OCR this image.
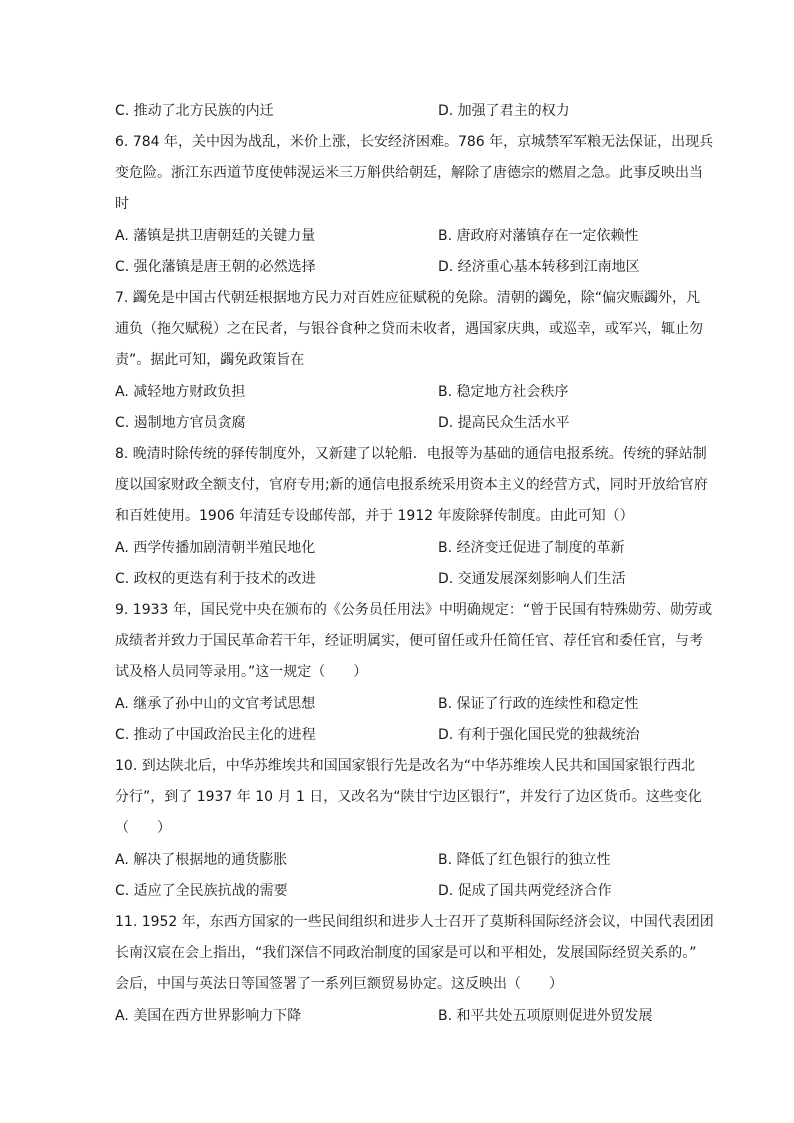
C. 推动了北方民族的内迁	D. 加强了君主的权力
6. 784 年，关中因为战乱，米价上涨，长安经济困难。786 年，京城禁军军粮无法保证，出现兵
变危险。浙江东西道节度使韩滉运米三万斛供给朝廷，解除了唐德宗的燃眉之急。此事反映出当
时
A. 藩镇是拱卫唐朝廷的关键力量	B. 唐政府对藩镇存在一定依赖性
C. 强化藩镇是唐王朝的必然选择	D. 经济重心基本转移到江南地区
7. 蠲免是中国古代朝廷根据地方民力对百姓应征赋税的免除。清朝的蠲免，除“偏灾赈蠲外，凡
逋负（拖欠赋税）之在民者，与银谷食种之贷而未收者，遇国家庆典，或巡幸，或军兴，辄止勿
责”。据此可知，蠲免政策旨在
A. 减轻地方财政负担	B. 稳定地方社会秩序
C. 遏制地方官员贪腐	D. 提高民众生活水平
8. 晚清时除传统的驿传制度外，又新建了以轮船．电报等为基础的通信电报系统。传统的驿站制
度以国家财政全额支付，官府专用;新的通信电报系统采用资本主义的经营方式，同时开放给官府
和百姓使用。1906 年清廷专设邮传部，并于 1912 年废除驿传制度。由此可知（）
A. 西学传播加剧清朝半殖民地化	B. 经济变迁促进了制度的革新
C. 政权的更迭有利于技术的改进	D. 交通发展深刻影响人们生活
9. 1933 年，国民党中央在颁布的《公务员任用法》中明确规定：“曾于民国有特殊勋劳、勋劳或
成绩者并致力于国民革命若干年，经证明属实，便可留任或升任简任官、荐任官和委任官，与考
试及格人员同等录用。”这一规定（　　）
A. 继承了孙中山的文官考试思想	B. 保证了行政的连续性和稳定性
C. 推动了中国政治民主化的进程	D. 有利于强化国民党的独裁统治
10. 到达陕北后，中华苏维埃共和国国家银行先是改名为“中华苏维埃人民共和国国家银行西北
分行”，到了 1937 年 10 月 1 日，又改名为“陕甘宁边区银行”，并发行了边区货币。这些变化
（　　）
A. 解决了根据地的通货膨胀	B. 降低了红色银行的独立性
C. 适应了全民族抗战的需要	D. 促成了国共两党经济合作
11. 1952 年，东西方国家的一些民间组织和进步人士召开了莫斯科国际经济会议，中国代表团团
长南汉宸在会上指出，“我们深信不同政治制度的国家是可以和平相处，发展国际经贸关系的。”
会后，中国与英法日等国签署了一系列巨额贸易协定。这反映出（　　）
A. 美国在西方世界影响力下降	B. 和平共处五项原则促进外贸发展
